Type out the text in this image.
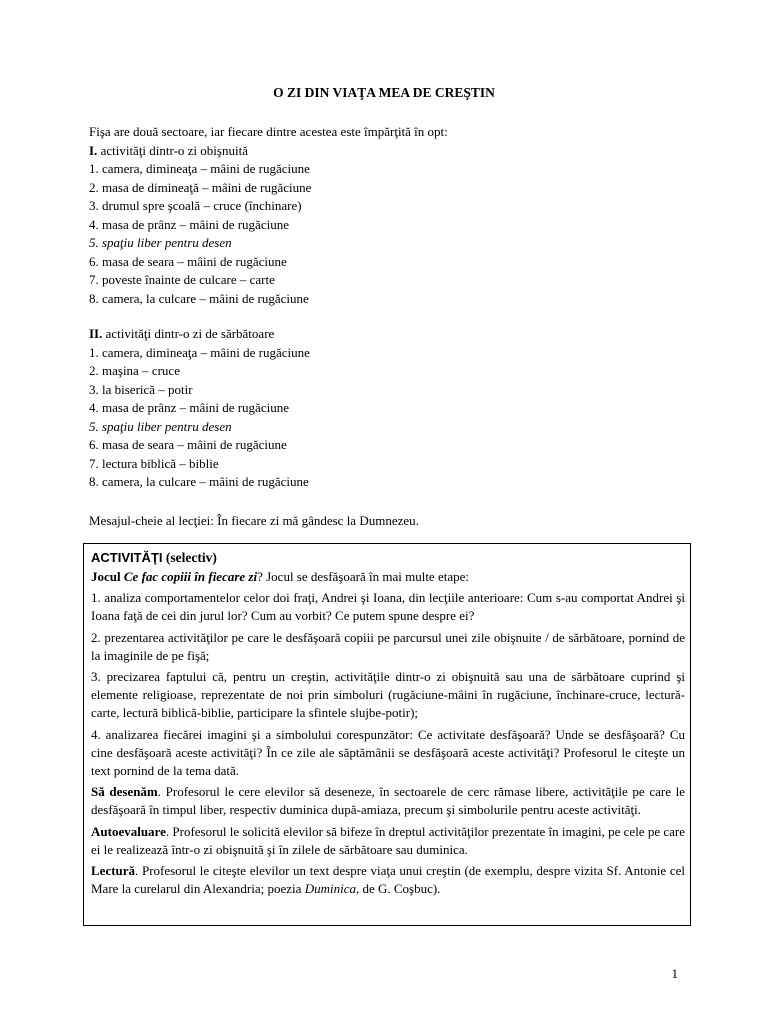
O ZI DIN VIAŢA MEA DE CREŞTIN
Fişa are două sectoare, iar fiecare dintre acestea este împărţită în opt:
I. activităţi dintr-o zi obişnuită
1. camera, dimineaţa – mâini de rugăciune
2. masa de dimineaţă – mâini de rugăciune
3. drumul spre şcoală – cruce (închinare)
4. masa de prânz – mâini de rugăciune
5. spaţiu liber pentru desen
6. masa de seara – mâini de rugăciune
7. poveste înainte de culcare – carte
8. camera, la culcare – mâini de rugăciune
II. activităţi dintr-o zi de sărbătoare
1. camera, dimineaţa – mâini de rugăciune
2. maşina – cruce
3. la biserică – potir
4. masa de prânz – mâini de rugăciune
5. spaţiu liber pentru desen
6. masa de seara – mâini de rugăciune
7. lectura biblică – biblie
8. camera, la culcare – mâini de rugăciune
Mesajul-cheie al lecţiei: În fiecare zi mă gândesc la Dumnezeu.
ACTIVITĂŢI (selectiv)
Jocul Ce fac copiii în fiecare zi? Jocul se desfăşoară în mai multe etape:
1. analiza comportamentelor celor doi fraţi, Andrei şi Ioana, din lecţiile anterioare: Cum s-au comportat Andrei şi Ioana faţă de cei din jurul lor? Cum au vorbit? Ce putem spune despre ei?
2. prezentarea activităţilor pe care le desfăşoară copiii pe parcursul unei zile obişnuite / de sărbătoare, pornind de la imaginile de pe fişă;
3. precizarea faptului că, pentru un creştin, activităţile dintr-o zi obişnuită sau una de sărbătoare cuprind şi elemente religioase, reprezentate de noi prin simboluri (rugăciune-mâini în rugăciune, închinare-cruce, lectură-carte, lectură biblică-biblie, participare la sfintele slujbe-potir);
4. analizarea fiecărei imagini şi a simbolului corespunzător: Ce activitate desfăşoară? Unde se desfăşoară? Cu cine desfăşoară aceste activităţi? În ce zile ale săptămânii se desfăşoară aceste activităţi? Profesorul le citeşte un text pornind de la tema dată.
Să desenăm. Profesorul le cere elevilor să deseneze, în sectoarele de cerc rămase libere, activităţile pe care le desfăşoară în timpul liber, respectiv duminica după-amiaza, precum şi simbolurile pentru aceste activităţi.
Autoevaluare. Profesorul le solicită elevilor să bifeze în dreptul activităţilor prezentate în imagini, pe cele pe care ei le realizează într-o zi obişnuită şi în zilele de sărbătoare sau duminica.
Lectură. Profesorul le citeşte elevilor un text despre viaţa unui creştin (de exemplu, despre vizita Sf. Antonie cel Mare la curelarul din Alexandria; poezia Duminica, de G. Coşbuc).
1
